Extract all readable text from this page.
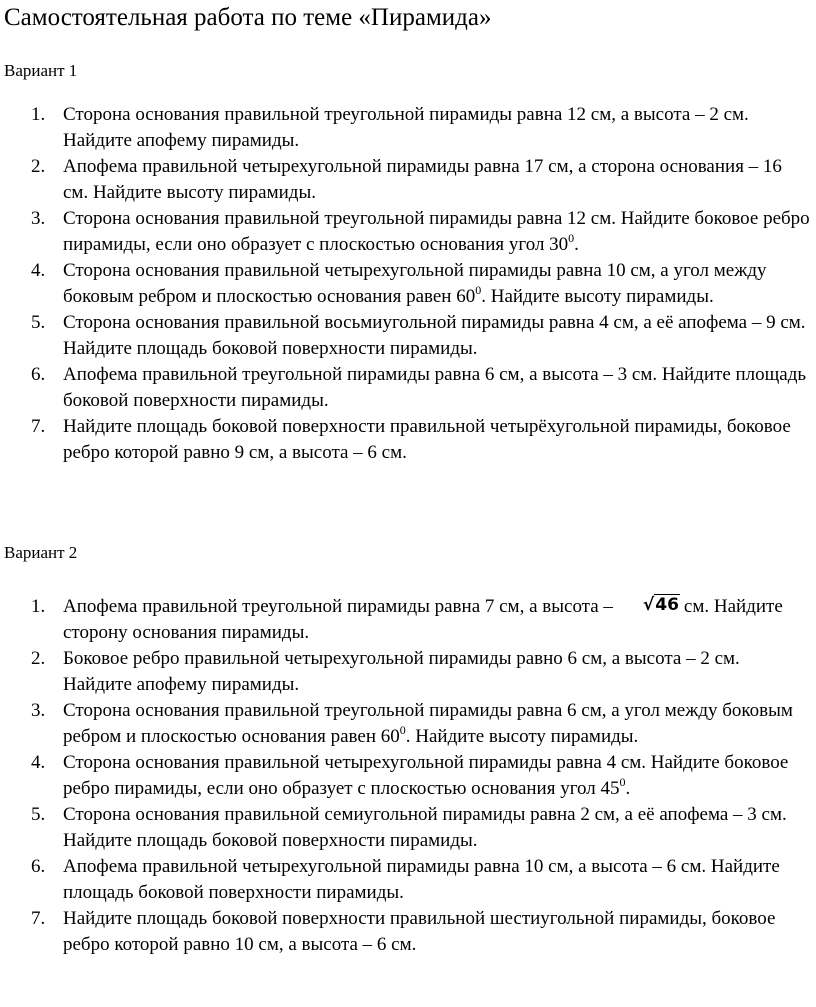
Самостоятельная работа по теме «Пирамида»
Вариант 1
1. Сторона основания правильной треугольной пирамиды равна 12 см, а высота – 2 см. Найдите апофему пирамиды.
2. Апофема правильной четырехугольной пирамиды равна 17 см, а сторона основания – 16 см. Найдите высоту пирамиды.
3. Сторона основания правильной треугольной пирамиды равна 12 см. Найдите боковое ребро пирамиды, если оно образует с плоскостью основания угол $30^0$.
4. Сторона основания правильной четырехугольной пирамиды равна 10 см, а угол между боковым ребром и плоскостью основания равен $60^0$. Найдите высоту пирамиды.
5. Сторона основания правильной восьмиугольной пирамиды равна 4 см, а её апофема – 9 см. Найдите площадь боковой поверхности пирамиды.
6. Апофема правильной треугольной пирамиды равна 6 см, а высота – 3 см. Найдите площадь боковой поверхности пирамиды.
7. Найдите площадь боковой поверхности правильной четырёхугольной пирамиды, боковое ребро которой равно 9 см, а высота – 6 см.
Вариант 2
1. Апофема правильной треугольной пирамиды равна 7 см, а высота – √46 см. Найдите сторону основания пирамиды.
2. Боковое ребро правильной четырехугольной пирамиды равно 6 см, а высота – 2 см. Найдите апофему пирамиды.
3. Сторона основания правильной треугольной пирамиды равна 6 см, а угол между боковым ребром и плоскостью основания равен $60^0$. Найдите высоту пирамиды.
4. Сторона основания правильной четырехугольной пирамиды равна 4 см. Найдите боковое ребро пирамиды, если оно образует с плоскостью основания угол $45^0$.
5. Сторона основания правильной семиугольной пирамиды равна 2 см, а её апофема – 3 см. Найдите площадь боковой поверхности пирамиды.
6. Апофема правильной четырехугольной пирамиды равна 10 см, а высота – 6 см. Найдите площадь боковой поверхности пирамиды.
7. Найдите площадь боковой поверхности правильной шестиугольной пирамиды, боковое ребро которой равно 10 см, а высота – 6 см.
